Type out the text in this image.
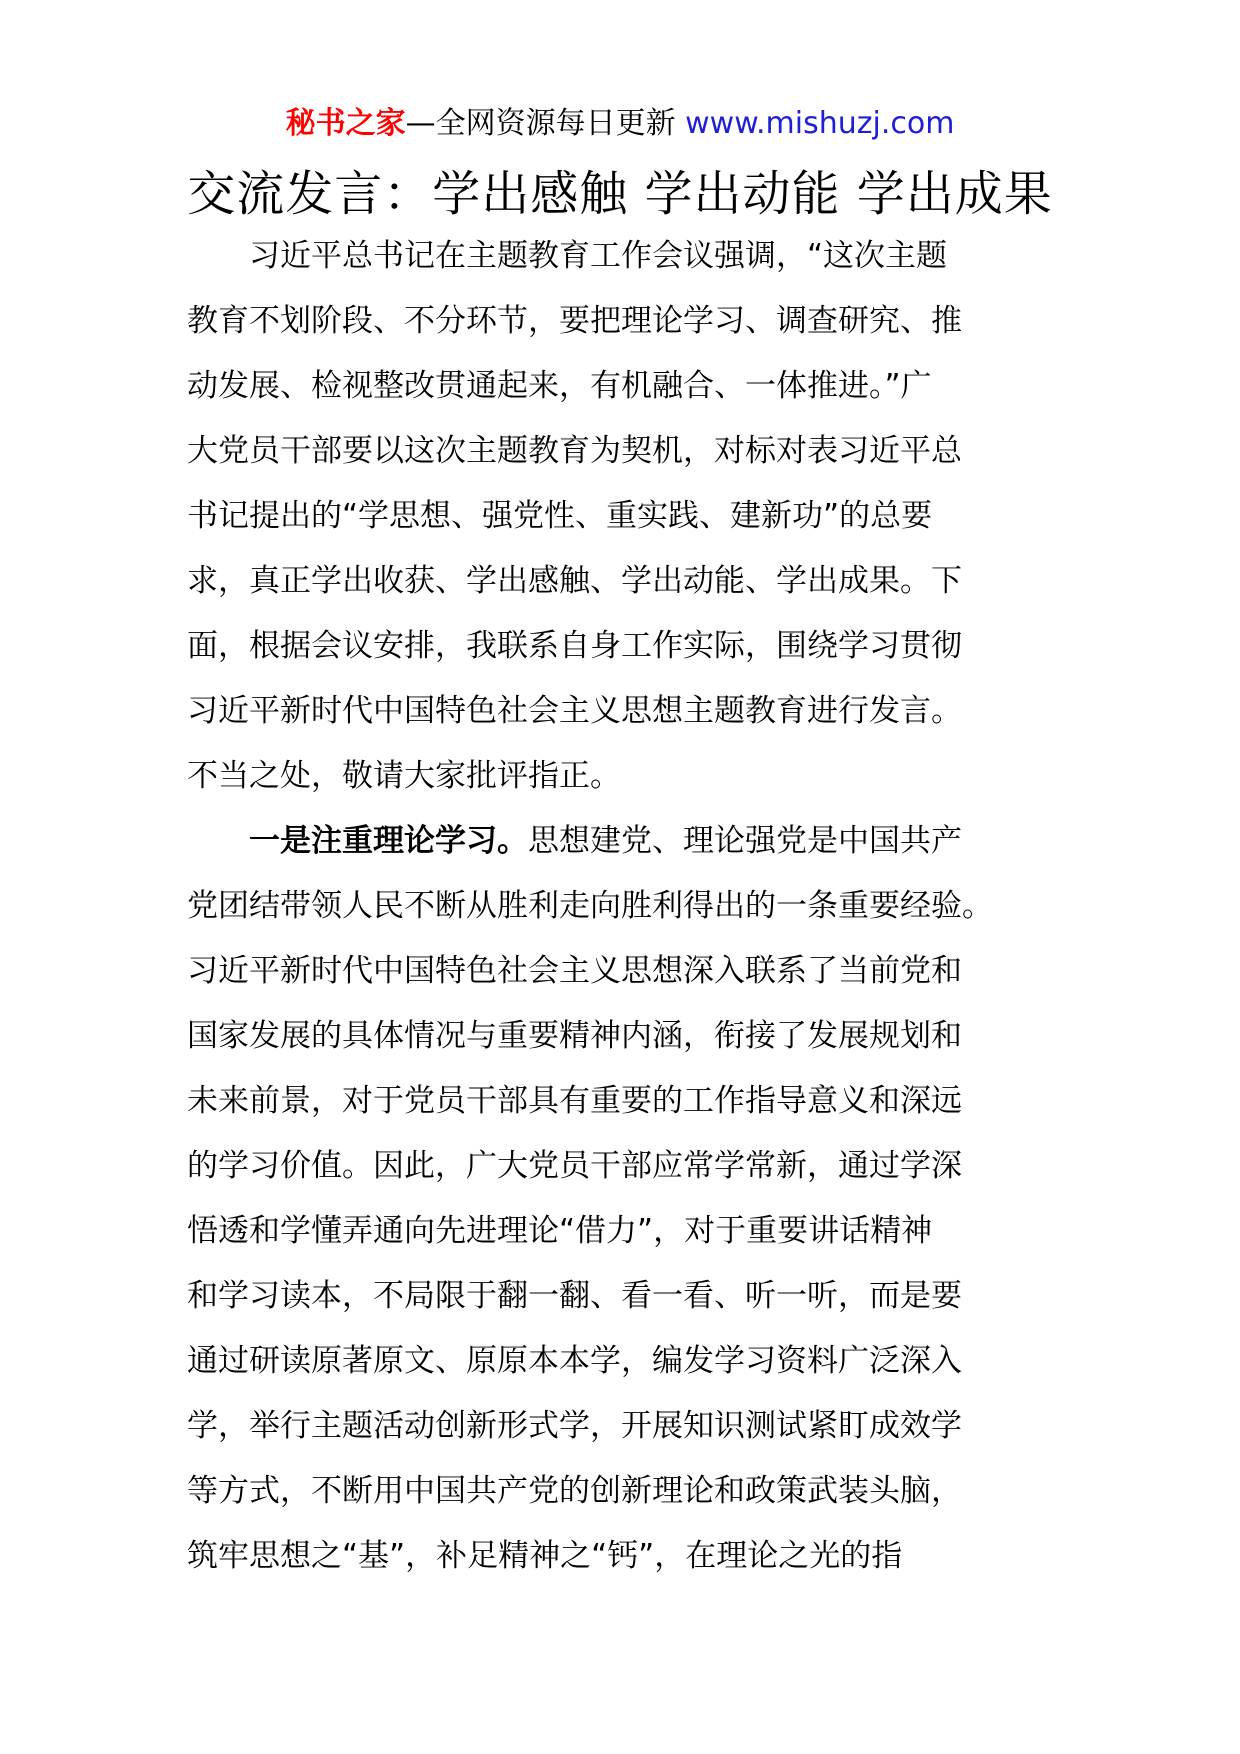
秘书之家—全网资源每日更新 www.mishuzj.com
交流发言：学出感触 学出动能 学出成果
　　习近平总书记在主题教育工作会议强调，“这次主题
教育不划阶段、不分环节，要把理论学习、调查研究、推
动发展、检视整改贯通起来，有机融合、一体推进。”广
大党员干部要以这次主题教育为契机，对标对表习近平总
书记提出的“学思想、强党性、重实践、建新功”的总要
求，真正学出收获、学出感触、学出动能、学出成果。下
面，根据会议安排，我联系自身工作实际，围绕学习贯彻
习近平新时代中国特色社会主义思想主题教育进行发言。
不当之处，敬请大家批评指正。
　　一是注重理论学习。思想建党、理论强党是中国共产
党团结带领人民不断从胜利走向胜利得出的一条重要经验。
习近平新时代中国特色社会主义思想深入联系了当前党和
国家发展的具体情况与重要精神内涵，衔接了发展规划和
未来前景，对于党员干部具有重要的工作指导意义和深远
的学习价值。因此，广大党员干部应常学常新，通过学深
悟透和学懂弄通向先进理论“借力”，对于重要讲话精神
和学习读本，不局限于翻一翻、看一看、听一听，而是要
通过研读原著原文、原原本本学，编发学习资料广泛深入
学，举行主题活动创新形式学，开展知识测试紧盯成效学
等方式，不断用中国共产党的创新理论和政策武装头脑，
筑牢思想之“基”，补足精神之“钙”，在理论之光的指
